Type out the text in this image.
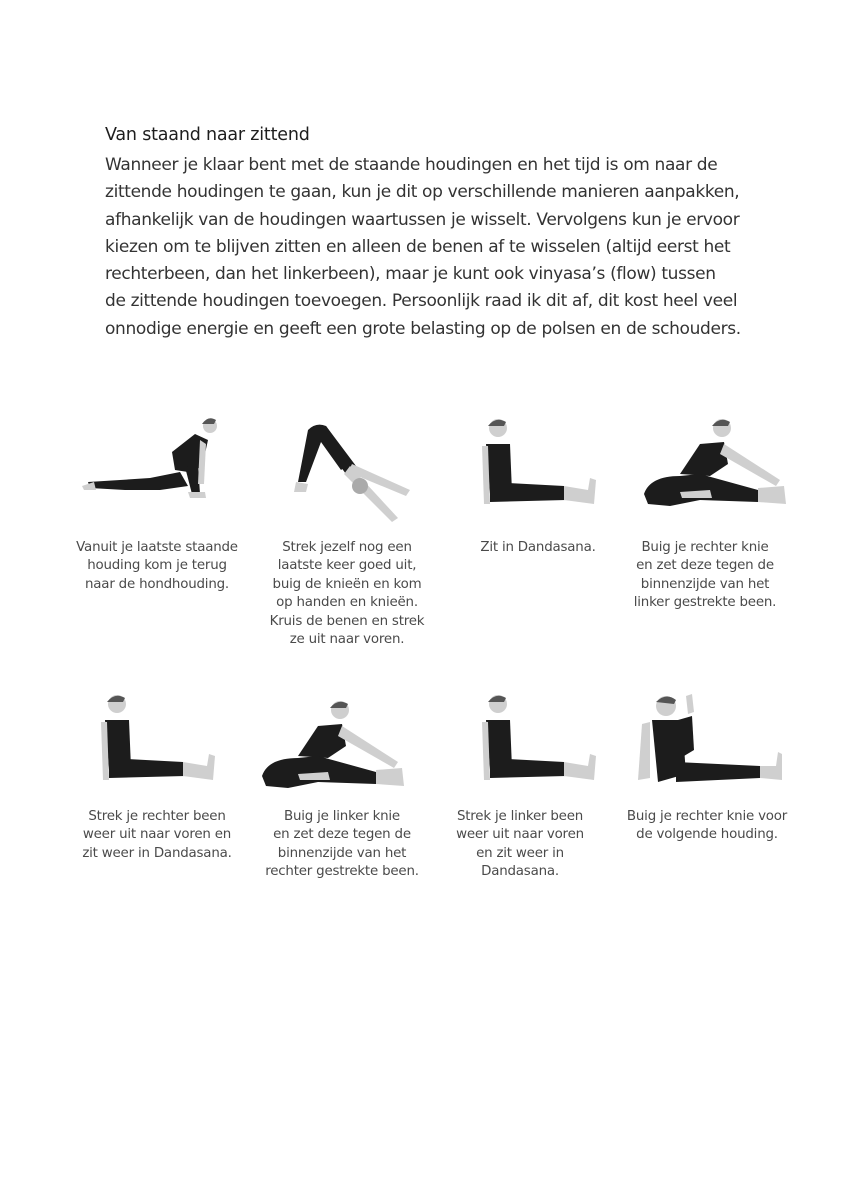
Van staand naar zittend
Wanneer je klaar bent met de staande houdingen en het tijd is om naar de
zittende houdingen te gaan, kun je dit op verschillende manieren aanpakken,
afhankelijk van de houdingen waartussen je wisselt. Vervolgens kun je ervoor
kiezen om te blijven zitten en alleen de benen af te wisselen (altijd eerst het
rechterbeen, dan het linkerbeen), maar je kunt ook vinyasa’s (flow) tussen
de zittende houdingen toevoegen. Persoonlijk raad ik dit af, dit kost heel veel
onnodige energie en geeft een grote belasting op de polsen en de schouders.
Vanuit je laatste staande
houding kom je terug
naar de hondhouding.
Strek jezelf nog een
laatste keer goed uit,
buig de knieën en kom
op handen en knieën.
Kruis de benen en strek
ze uit naar voren.
Zit in Dandasana.	Buig je rechter knie
en zet deze tegen de
binnenzijde van het
linker gestrekte been.
Strek je rechter been
weer uit naar voren en
zit weer in Dandasana.
Buig je linker knie
en zet deze tegen de
binnenzijde van het
rechter gestrekte been.
Strek je linker been
weer uit naar voren
en zit weer in
Dandasana.
Buig je rechter knie voor
de volgende houding.
